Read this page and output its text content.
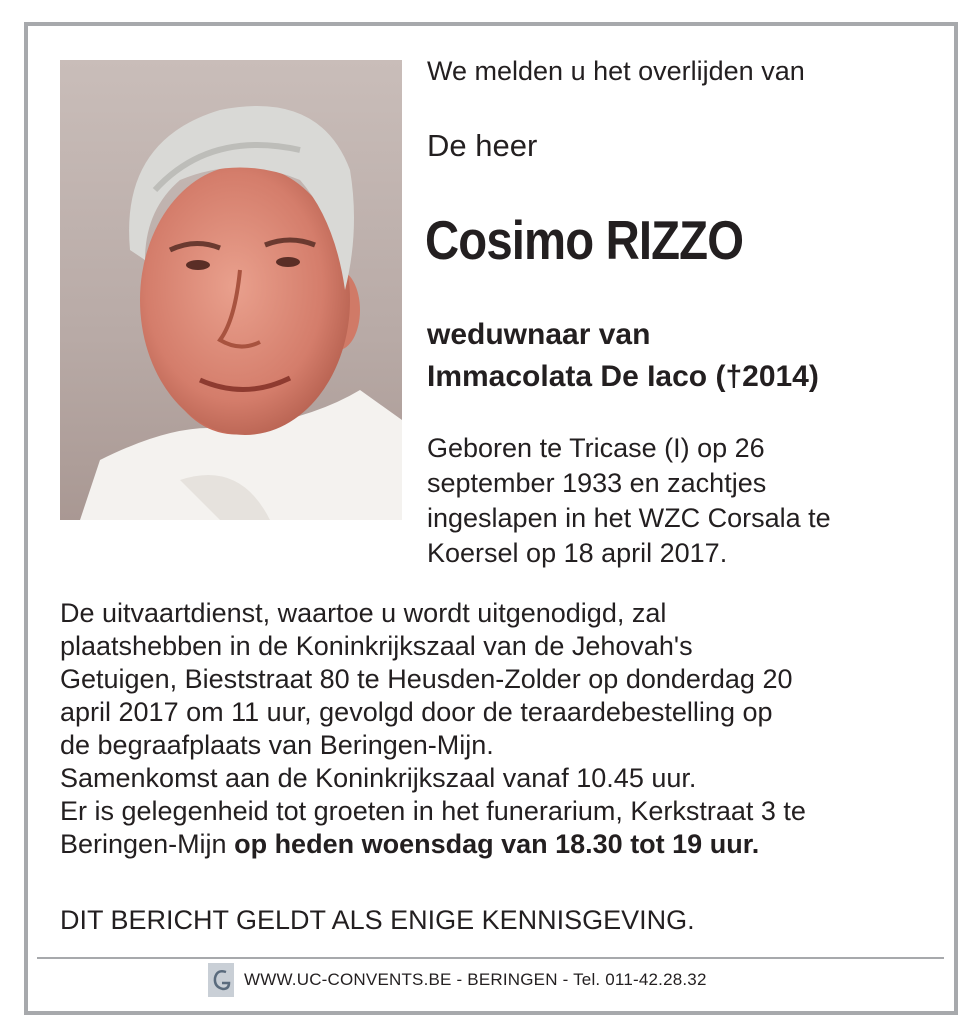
We melden u het overlijden van
De heer
Cosimo RIZZO
weduwnaar van
Immacolata De Iaco (†2014)
Geboren te Tricase (I) op 26
september 1933 en zachtjes
ingeslapen in het WZC Corsala te
Koersel op 18 april 2017.

De uitvaartdienst, waartoe u wordt uitgenodigd, zal

plaatshebben in de Koninkrijkszaal van de Jehovah's

Getuigen, Bieststraat 80 te Heusden-Zolder op donderdag 20

april 2017 om 11 uur, gevolgd door de teraardebestelling op

de begraafplaats van Beringen-Mijn.

Samenkomst aan de Koninkrijkszaal vanaf 10.45 uur.

Er is gelegenheid tot groeten in het funerarium, Kerkstraat 3 te

Beringen-Mijn op heden woensdag van 18.30 tot 19 uur.

DIT BERICHT GELDT ALS ENIGE KENNISGEVING.
WWW.UC-CONVENTS.BE - BERINGEN - Tel. 011-42.28.32
